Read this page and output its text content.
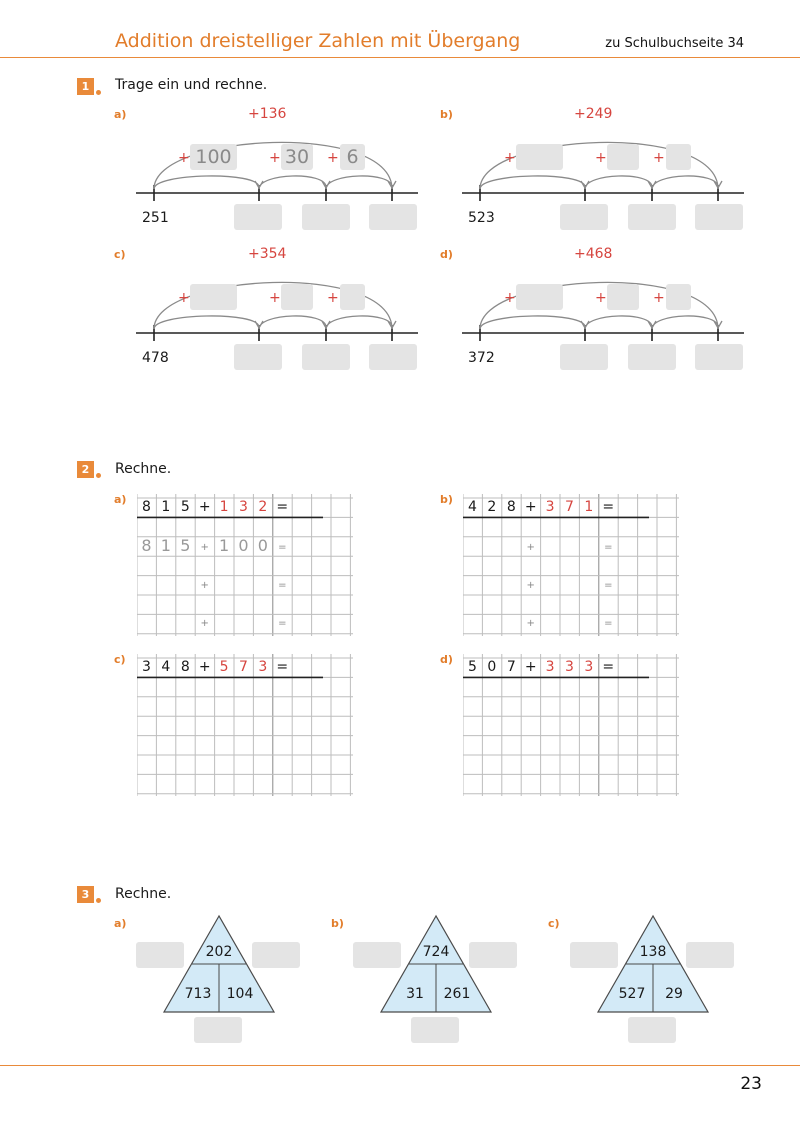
Addition dreistelliger Zahlen mit Übergang	zu Schulbuchseite 34
1	Trage ein und rechne.
a)	b)
c)	d)
+136
+ 100	+ 30 + 6
251
+249
+	+	+
523
+354
+	+	+
478
+468
+	+	+
372
2	Rechne.
a)	b)
c)	d)
8 1 5 + 1 3 2 =
8 1 5	+ 1 0 0	=
+	=
+	=
4 2 8 + 3 7 1 =
+	=
+	=
+	=
3 4 8 + 5 7 3 =	5 0 7 + 3 3 3 =
3	Rechne.
a)	b)	c)
202
713	104
724
31	261
138
527	29
23
